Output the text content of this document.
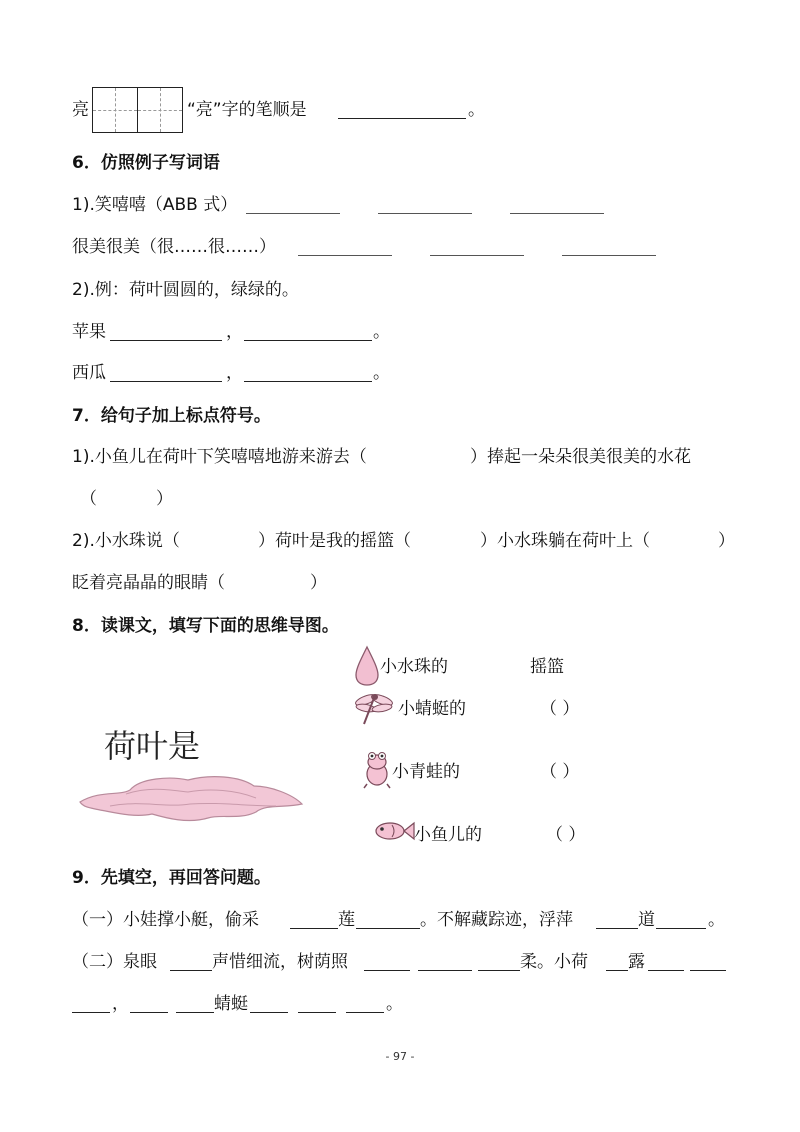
亮	“亮”字的笔顺是	。
6．仿照例子写词语
1).笑嘻嘻（ABB 式）
很美很美（很……很……）
2).例：荷叶圆圆的，绿绿的。
苹果	，	。
西瓜	，	。
7．给句子加上标点符号。
1).小鱼儿在荷叶下笑嘻嘻地游来游去（	）捧起一朵朵很美很美的水花
（	）
2).小水珠说（	）荷叶是我的摇篮（	）小水珠躺在荷叶上（	）
眨着亮晶晶的眼睛（	）
8．读课文，填写下面的思维导图。
荷叶是
小水珠的	摇篮
小蜻蜓的	（ ）
小青蛙的	（ ）
小鱼儿的	（ ）
9．先填空，再回答问题。
（一）小娃撑小艇，偷采	莲	。不解藏踪迹，浮萍	道	。
（二）泉眼	声惜细流，树荫照	柔。小荷 露
，	蜻蜓	。
- 97 -
